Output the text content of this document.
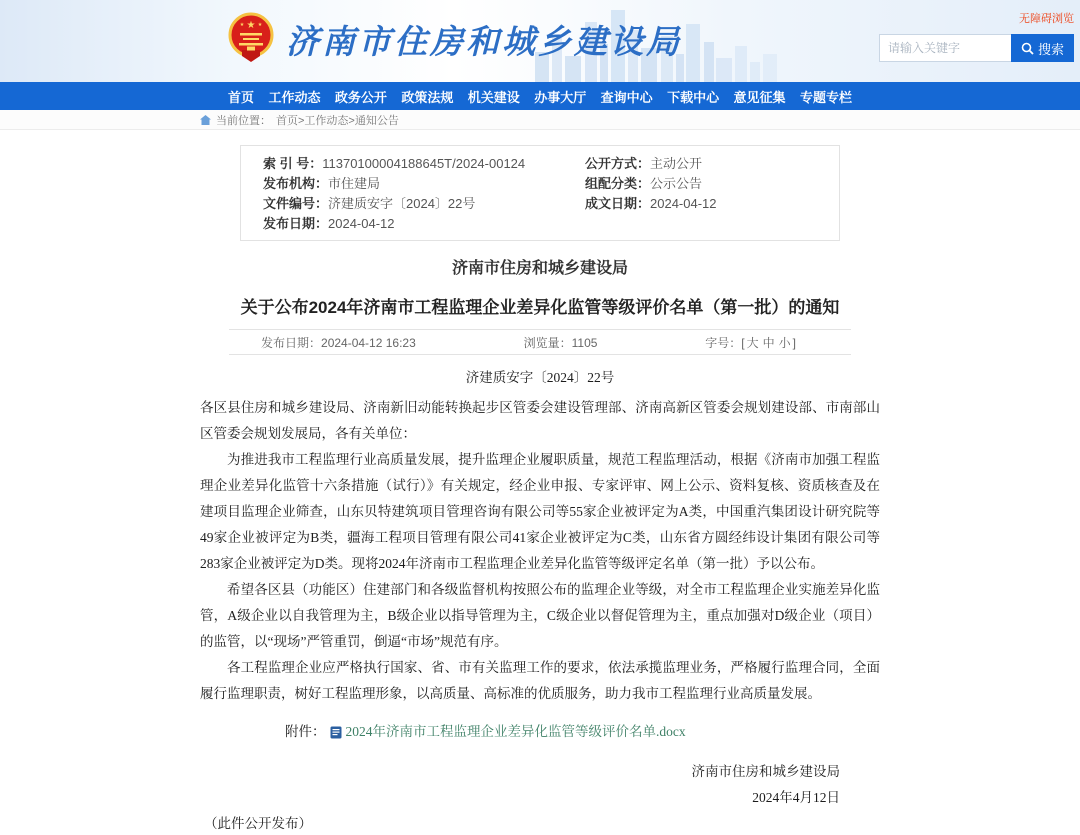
★
★	★ 济南市住房和城乡建设局
无障碍浏览
请输入关键字
搜索
首页 工作动态 政务公开 政策法规 机关建设 办事大厅 查询中心 下载中心 意见征集 专题专栏
当前位置： 首页>工作动态>通知公告
索 引 号：11370100004188645T/2024-00124
发布机构：市住建局
文件编号：济建质安字〔2024〕22号
发布日期：2024-04-12
公开方式：主动公开
组配分类：公示公告
成文日期：2024-04-12
济南市住房和城乡建设局
关于公布2024年济南市工程监理企业差异化监管等级评价名单（第一批）的通知
发布日期：2024-04-12 16:23	浏览量：1105	字号：[ 大 中 小 ]

济建质安字〔2024〕22号

各区县住房和城乡建设局、济南新旧动能转换起步区管委会建设管理部、济南高新区管委会规划建设部、市南部山区管委会规划发展局，各有关单位：

为推进我市工程监理行业高质量发展，提升监理企业履职质量，规范工程监理活动，根据《济南市加强工程监理企业差异化监管十六条措施（试行）》有关规定，经企业申报、专家评审、网上公示、资料复核、资质核查及在建项目监理企业筛查，山东贝特建筑项目管理咨询有限公司等55家企业被评定为A类，中国重汽集团设计研究院等49家企业被评定为B类，疆海工程项目管理有限公司41家企业被评定为C类，山东省方圆经纬设计集团有限公司等283家企业被评定为D类。现将2024年济南市工程监理企业差异化监管等级评定名单（第一批）予以公布。

希望各区县（功能区）住建部门和各级监督机构按照公布的监理企业等级，对全市工程监理企业实施差异化监管，A级企业以自我管理为主，B级企业以指导管理为主，C级企业以督促管理为主，重点加强对D级企业（项目）的监管，以“现场”严管重罚，倒逼“市场”规范有序。

各工程监理企业应严格执行国家、省、市有关监理工作的要求，依法承揽监理业务，严格履行监理合同，全面履行监理职责，树好工程监理形象，以高质量、高标准的优质服务，助力我市工程监理行业高质量发展。

附件： 2024年济南市工程监理企业差异化监管等级评价名单.docx
济南市住房和城乡建设局
2024年4月12日
（此件公开发布）
